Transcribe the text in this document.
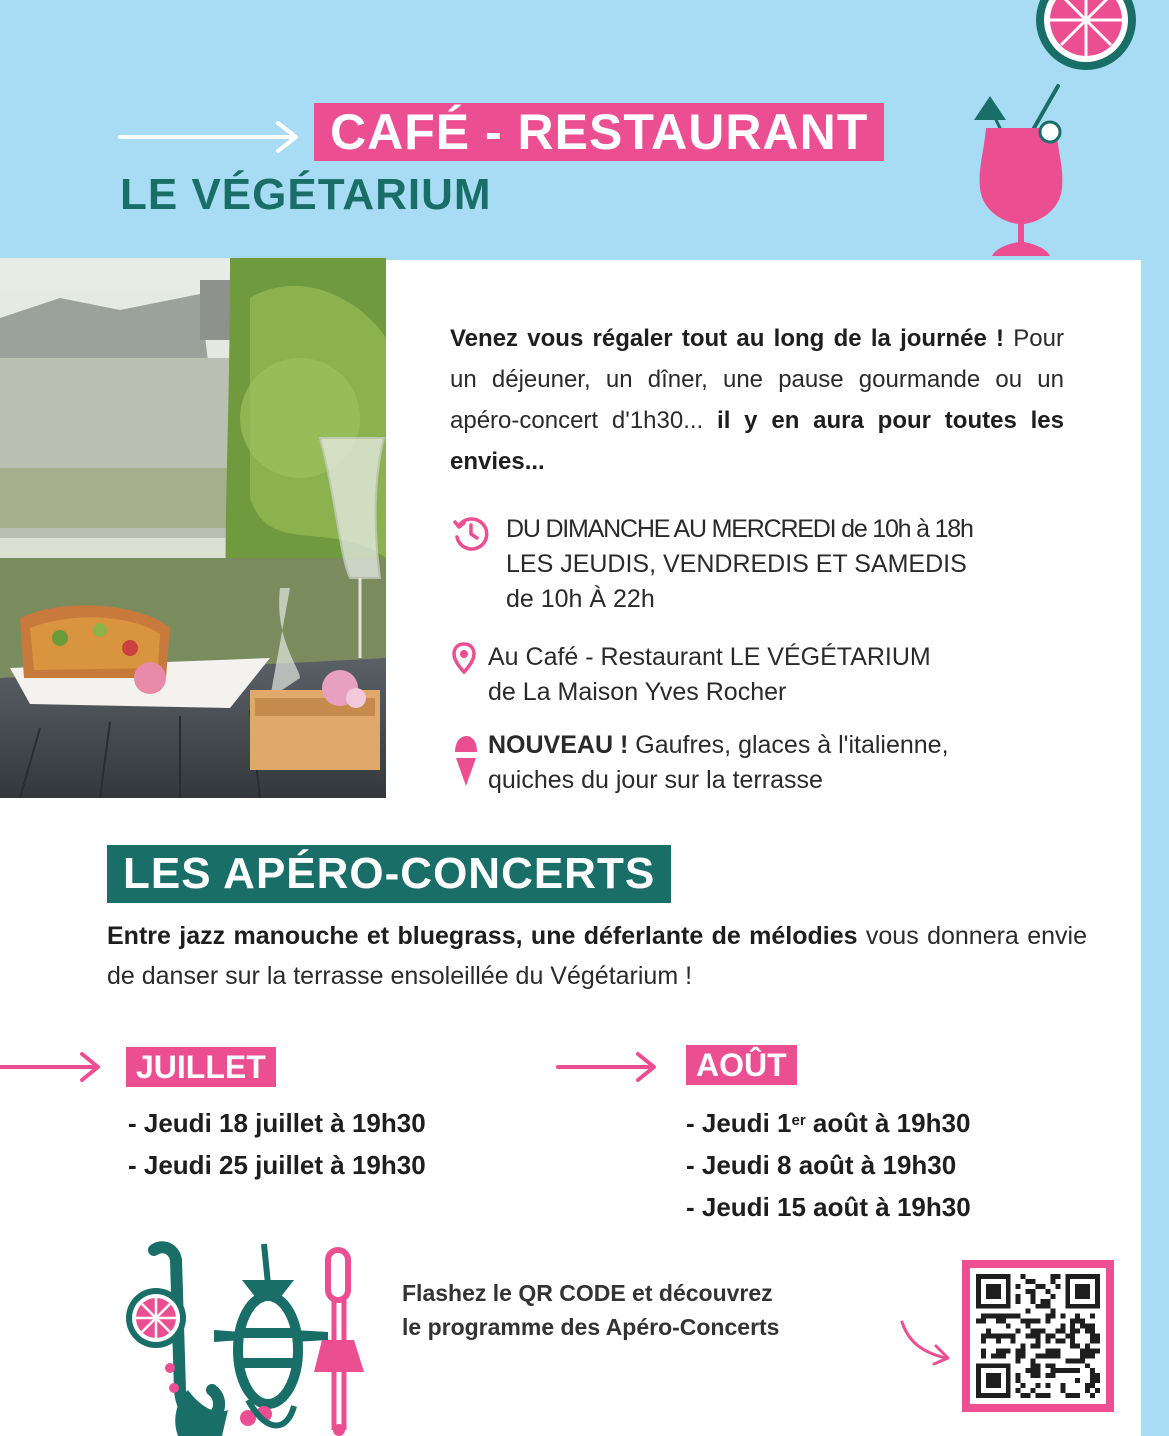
CAFÉ - RESTAURANT
LE VÉGÉTARIUM
Venez vous régaler tout au long de la journée ! Pour un déjeuner, un dîner, une pause gourmande ou un apéro-concert d'1h30... il y en aura pour toutes les envies...
DU DIMANCHE AU MERCREDI de 10h à 18h
LES JEUDIS, VENDREDIS ET SAMEDIS
de 10h À 22h
Au Café - Restaurant LE VÉGÉTARIUM
de La Maison Yves Rocher
NOUVEAU ! Gaufres, glaces à l'italienne,
quiches du jour sur la terrasse
LES APÉRO-CONCERTS
Entre jazz manouche et bluegrass, une déferlante de mélodies vous donnera envie de danser sur la terrasse ensoleillée du Végétarium !
JUILLET
- Jeudi 18 juillet à 19h30
- Jeudi 25 juillet à 19h30
AOÛT
- Jeudi 1er août à 19h30
- Jeudi 8 août à 19h30
- Jeudi 15 août à 19h30
Flashez le QR CODE et découvrez
le programme des Apéro-Concerts
